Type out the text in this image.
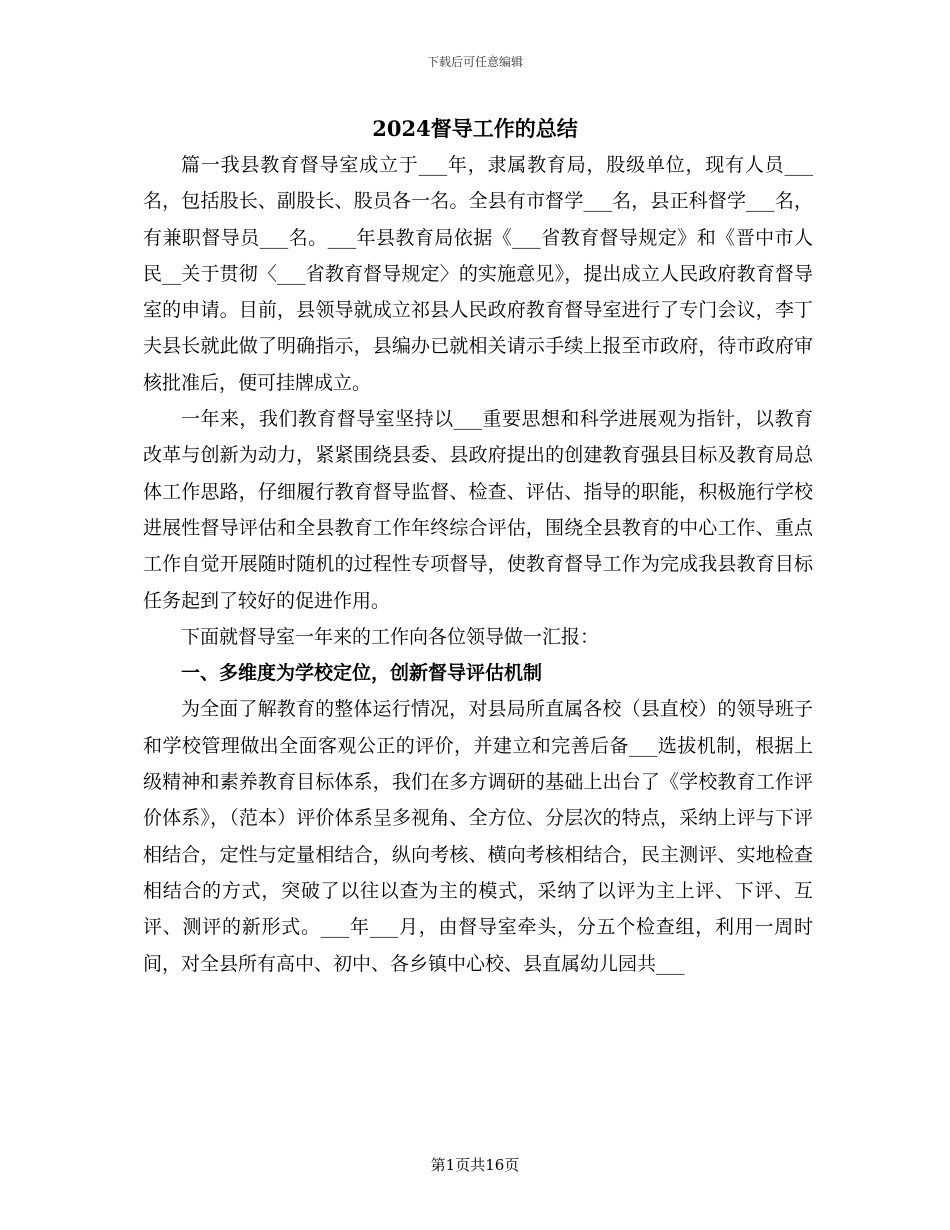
下载后可任意编辑
2024督导工作的总结

篇一我县教育督导室成立于___年，隶属教育局，股级单位，现有人员___名，包括股长、副股长、股员各一名。全县有市督学___名，县正科督学___名，有兼职督导员___名。___年县教育局依据《___省教育督导规定》和《晋中市人民__关于贯彻〈___省教育督导规定〉的实施意见》，提出成立人民政府教育督导室的申请。目前，县领导就成立祁县人民政府教育督导室进行了专门会议，李丁夫县长就此做了明确指示，县编办已就相关请示手续上报至市政府，待市政府审核批准后，便可挂牌成立。

一年来，我们教育督导室坚持以___重要思想和科学进展观为指针，以教育改革与创新为动力，紧紧围绕县委、县政府提出的创建教育强县目标及教育局总体工作思路，仔细履行教育督导监督、检查、评估、指导的职能，积极施行学校进展性督导评估和全县教育工作年终综合评估，围绕全县教育的中心工作、重点工作自觉开展随时随机的过程性专项督导，使教育督导工作为完成我县教育目标任务起到了较好的促进作用。

下面就督导室一年来的工作向各位领导做一汇报：

一、多维度为学校定位，创新督导评估机制

为全面了解教育的整体运行情况，对县局所直属各校（县直校）的领导班子和学校管理做出全面客观公正的评价，并建立和完善后备___选拔机制，根据上级精神和素养教育目标体系，我们在多方调研的基础上出台了《学校教育工作评价体系》，（范本）评价体系呈多视角、全方位、分层次的特点，采纳上评与下评相结合，定性与定量相结合，纵向考核、横向考核相结合，民主测评、实地检查相结合的方式，突破了以往以查为主的模式，采纳了以评为主上评、下评、互评、测评的新形式。___年___月，由督导室牵头，分五个检查组，利用一周时间，对全县所有高中、初中、各乡镇中心校、县直属幼儿园共___

第1页共16页
